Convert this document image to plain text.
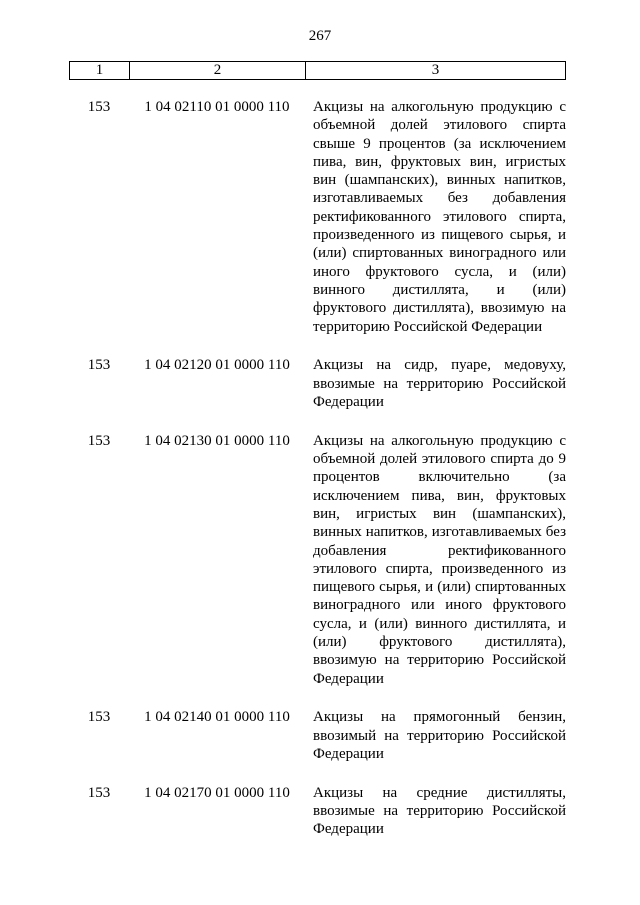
267
1	2	3
153	1 04 02110 01 0000 110	Акцизы на алкогольную продукцию с объемной долей этилового спирта свыше 9 процентов (за исключением пива, вин, фруктовых вин, игристых вин (шампанских), винных напитков, изготавливаемых без добавления ректификованного этилового спирта, произведенного из пищевого сырья, и (или) спиртованных виноградного или иного фруктового сусла, и (или) винного дистиллята, и (или) фруктового дистиллята), ввозимую на территорию Российской Федерации
153	1 04 02120 01 0000 110	Акцизы на сидр, пуаре, медовуху, ввозимые на территорию Российской Федерации
153	1 04 02130 01 0000 110	Акцизы на алкогольную продукцию с объемной долей этилового спирта до 9 процентов включительно (за исключением пива, вин, фруктовых вин, игристых вин (шампанских), винных напитков, изготавливаемых без добавления ректификованного этилового спирта, произведенного из пищевого сырья, и (или) спиртованных виноградного или иного фруктового сусла, и (или) винного дистиллята, и (или) фруктового дистиллята), ввозимую на территорию Российской Федерации
153	1 04 02140 01 0000 110	Акцизы на прямогонный бензин, ввозимый на территорию Российской Федерации
153	1 04 02170 01 0000 110	Акцизы на средние дистилляты, ввозимые на территорию Российской Федерации
